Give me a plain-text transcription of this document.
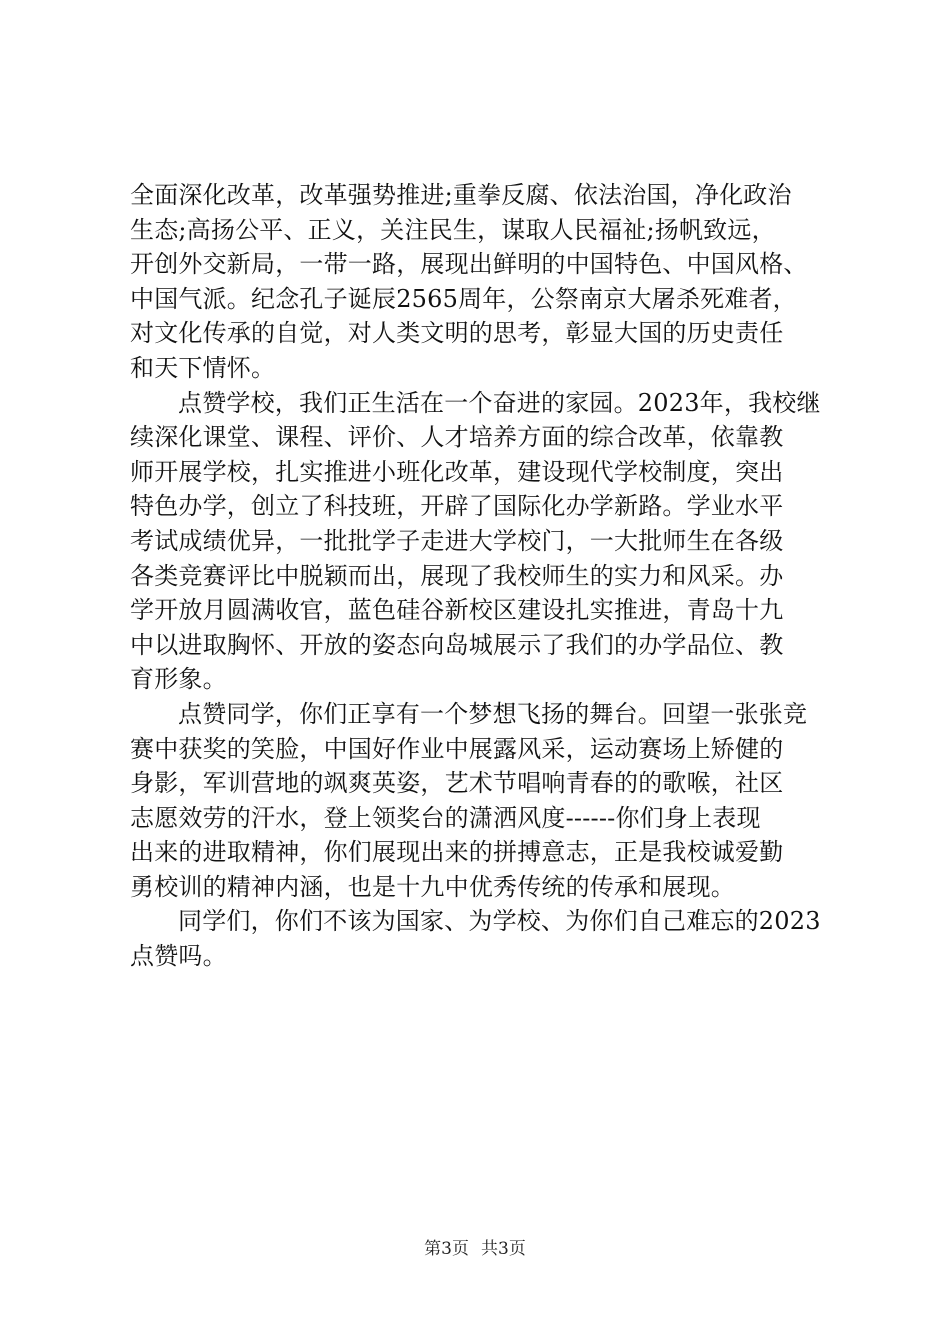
全面深化改革，改革强势推进;重拳反腐、依法治国，净化政治
生态;高扬公平、正义，关注民生，谋取人民福祉;扬帆致远，
开创外交新局，一带一路，展现出鲜明的中国特色、中国风格、
中国气派。纪念孔子诞辰2565周年，公祭南京大屠杀死难者，
对文化传承的自觉，对人类文明的思考，彰显大国的历史责任
和天下情怀。
点赞学校，我们正生活在一个奋进的家园。2023年，我校继
续深化课堂、课程、评价、人才培养方面的综合改革，依靠教
师开展学校，扎实推进小班化改革，建设现代学校制度，突出
特色办学，创立了科技班，开辟了国际化办学新路。学业水平
考试成绩优异，一批批学子走进大学校门，一大批师生在各级
各类竞赛评比中脱颖而出，展现了我校师生的实力和风采。办
学开放月圆满收官，蓝色硅谷新校区建设扎实推进，青岛十九
中以进取胸怀、开放的姿态向岛城展示了我们的办学品位、教
育形象。
点赞同学，你们正享有一个梦想飞扬的舞台。回望一张张竞
赛中获奖的笑脸，中国好作业中展露风采，运动赛场上矫健的
身影，军训营地的飒爽英姿，艺术节唱响青春的的歌喉，社区
志愿效劳的汗水，登上领奖台的潇洒风度------你们身上表现
出来的进取精神，你们展现出来的拼搏意志，正是我校诚爱勤
勇校训的精神内涵，也是十九中优秀传统的传承和展现。
同学们，你们不该为国家、为学校、为你们自己难忘的2023
点赞吗。
第3页 共3页
